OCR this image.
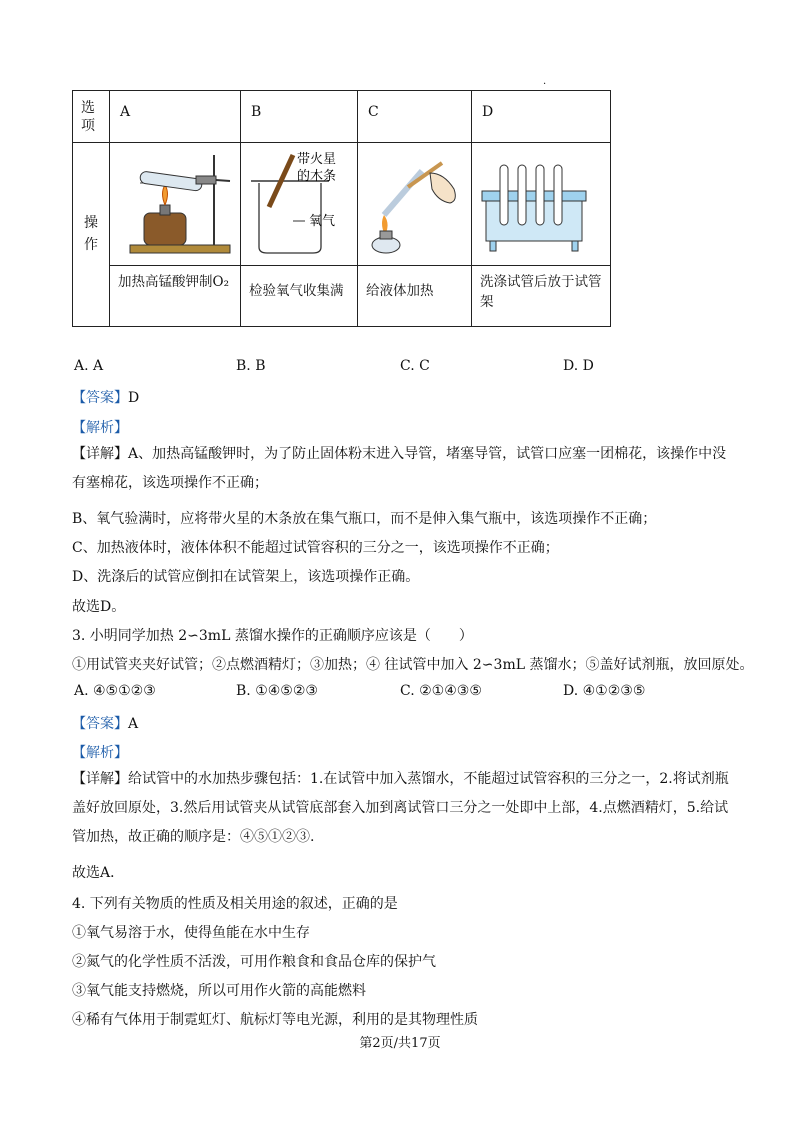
.
选
项	A	B	C	D

操
作		带火星
的木条
氧气

	加热高锰酸钾制O₂	检验氧气收集满	给液体加热	洗涤试管后放于试管架
A. A	B. B	C. C	D. D
【答案】D
【解析】
【详解】A、加热高锰酸钾时，为了防止固体粉末进入导管，堵塞导管，试管口应塞一团棉花，该操作中没有塞棉花，该选项操作不正确；
B、氧气验满时，应将带火星的木条放在集气瓶口，而不是伸入集气瓶中，该选项操作不正确；
C、加热液体时，液体体积不能超过试管容积的三分之一，该选项操作不正确；
D、洗涤后的试管应倒扣在试管架上，该选项操作正确。
故选D。
3. 小明同学加热 2∽3mL 蒸馏水操作的正确顺序应该是（　　）
①用试管夹夹好试管；②点燃酒精灯；③加热；④ 往试管中加入 2∽3mL 蒸馏水；⑤盖好试剂瓶，放回原处。
A. ④⑤①②③	B. ①④⑤②③	C. ②①④③⑤	D. ④①②③⑤
【答案】A
【解析】
【详解】给试管中的水加热步骤包括：1.在试管中加入蒸馏水，不能超过试管容积的三分之一，2.将试剂瓶盖好放回原处，3.然后用试管夹从试管底部套入加到离试管口三分之一处即中上部，4.点燃酒精灯，5.给试管加热，故正确的顺序是：④⑤①②③.
故选A．
4. 下列有关物质的性质及相关用途的叙述，正确的是
①氧气易溶于水，使得鱼能在水中生存
②氮气的化学性质不活泼，可用作粮食和食品仓库的保护气
③氧气能支持燃烧，所以可用作火箭的高能燃料
④稀有气体用于制霓虹灯、航标灯等电光源，利用的是其物理性质
第2页/共17页
